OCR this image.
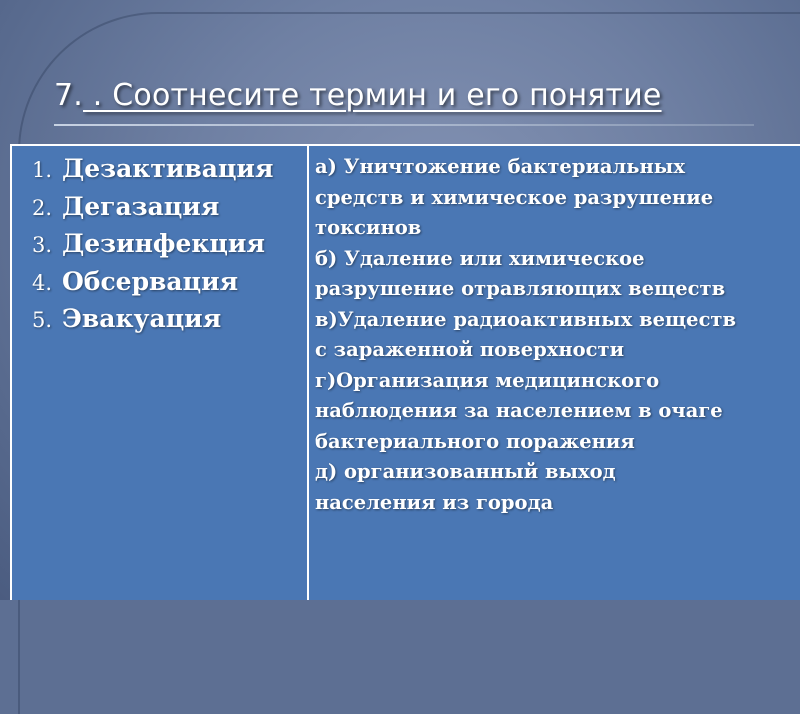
7. . Соотнесите термин и его понятие
1. Дезактивация
2. Дегазация
3. Дезинфекция
4. Обсервация
5. Эвакуация
а) Уничтожение бактериальных
средств и химическое разрушение
токсинов
б) Удаление или химическое
разрушение отравляющих веществ
в)Удаление радиоактивных веществ
с зараженной поверхности
г)Организация медицинского
наблюдения за населением в очаге
бактериального поражения
д) организованный выход
населения из города
